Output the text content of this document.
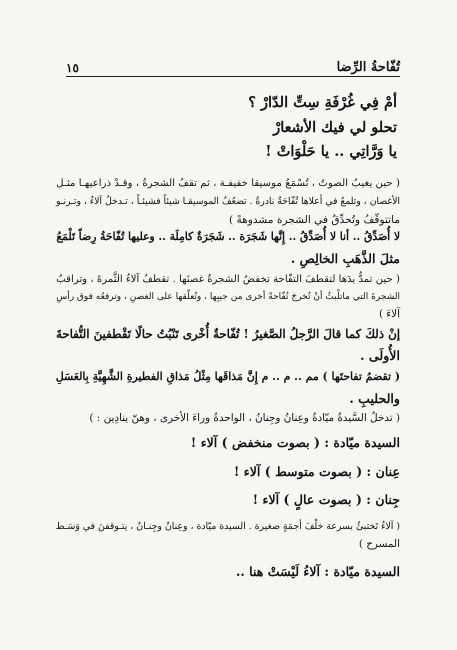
تُفّاحةُ الرِّضا
١٥
أمْ فِي غُرْفَةِ سِتِّ الدّارْ ؟
تحلو لي فيك الأشعارْ
يا وَرَّاتِي .. يا حَلْوَاتْ !
( حين يغيبُ الصوتُ ، تُسْمَعُ موسيقا خفيفـة ، ثم تقفُ الشجرةُ ، وقـدْ ذراعيهـا مثـل
الأغصان ، وتلمعُ في أعلاها تُفّاحَةٌ نادرةٌ . تضعُفُ الموسيقـا شيئاً فشيئـاً ، تـدخلُ آلاءُ ، وتـرنـو
ماتتوقّفُ وتُحدِّقُ في الشجرة مشدوهةً )
لا أُصَدِّقُ .. أنا لا أُصَدِّقُ .. إِنَّها شَجَرَة .. شَجَرَةٌ كامِلَة .. وعليها تُفّاحَةُ رِضاً تَلْمَعُ
مثلَ الذَّهَبِ الخالِصِ .
( حين تمدُّ يدَها لتقطفَ التفّاحة تخفضُ الشجرةُ غصنَها . تقطفُ آلاءُ الثَّمرةَ ، وتراقبُ
الشجرةَ التي ماتلْبثُ أنْ تُخرجَ تُفّاحةً أخرى من جيبِها ، وتُعلّقها على الغصنِ ، وترفعُه فوق رأسِ
آلاءَ )
إنْ ذلكَ كما قالَ الرَّجلُ الصَّغيرُ ! تُفّاحةٌ أُخْرى تَنْبُتُ حالًا تَقْطفينَ التُّفاحةَ
الأُولَى .
( تقضمُ تفاحتَها ) مم .. م .. م إِنَّ مَذاقَها مِثْلُ مَذاقِ الفطيرةِ الشَّهِيَّةِ بِالعَسَلِ
والحليبِ .
( تدخلُ السَّيدةُ ميّادةُ وعِنانُ وجِنانُ ، الواحدةُ وراءَ الأخرى ، وهنّ ينادِين : )
السيدة ميّادة : ( بصوت منخفض ) آلاء !
عِنان : ( بصوت متوسط ) آلاء !
جِنان : ( بصوت عالٍ ) آلاء !
( آلاءُ تَختبئُ بسرعة خلْفَ أجمَةٍ صغيرة . السيدة ميّادة ، وعِنانُ وجِنـانُ ، يتـوقفنَ في وَسَـط
المسرح )
السيدة ميّادة : آلاءُ لَيْسَتْ هنا ..
